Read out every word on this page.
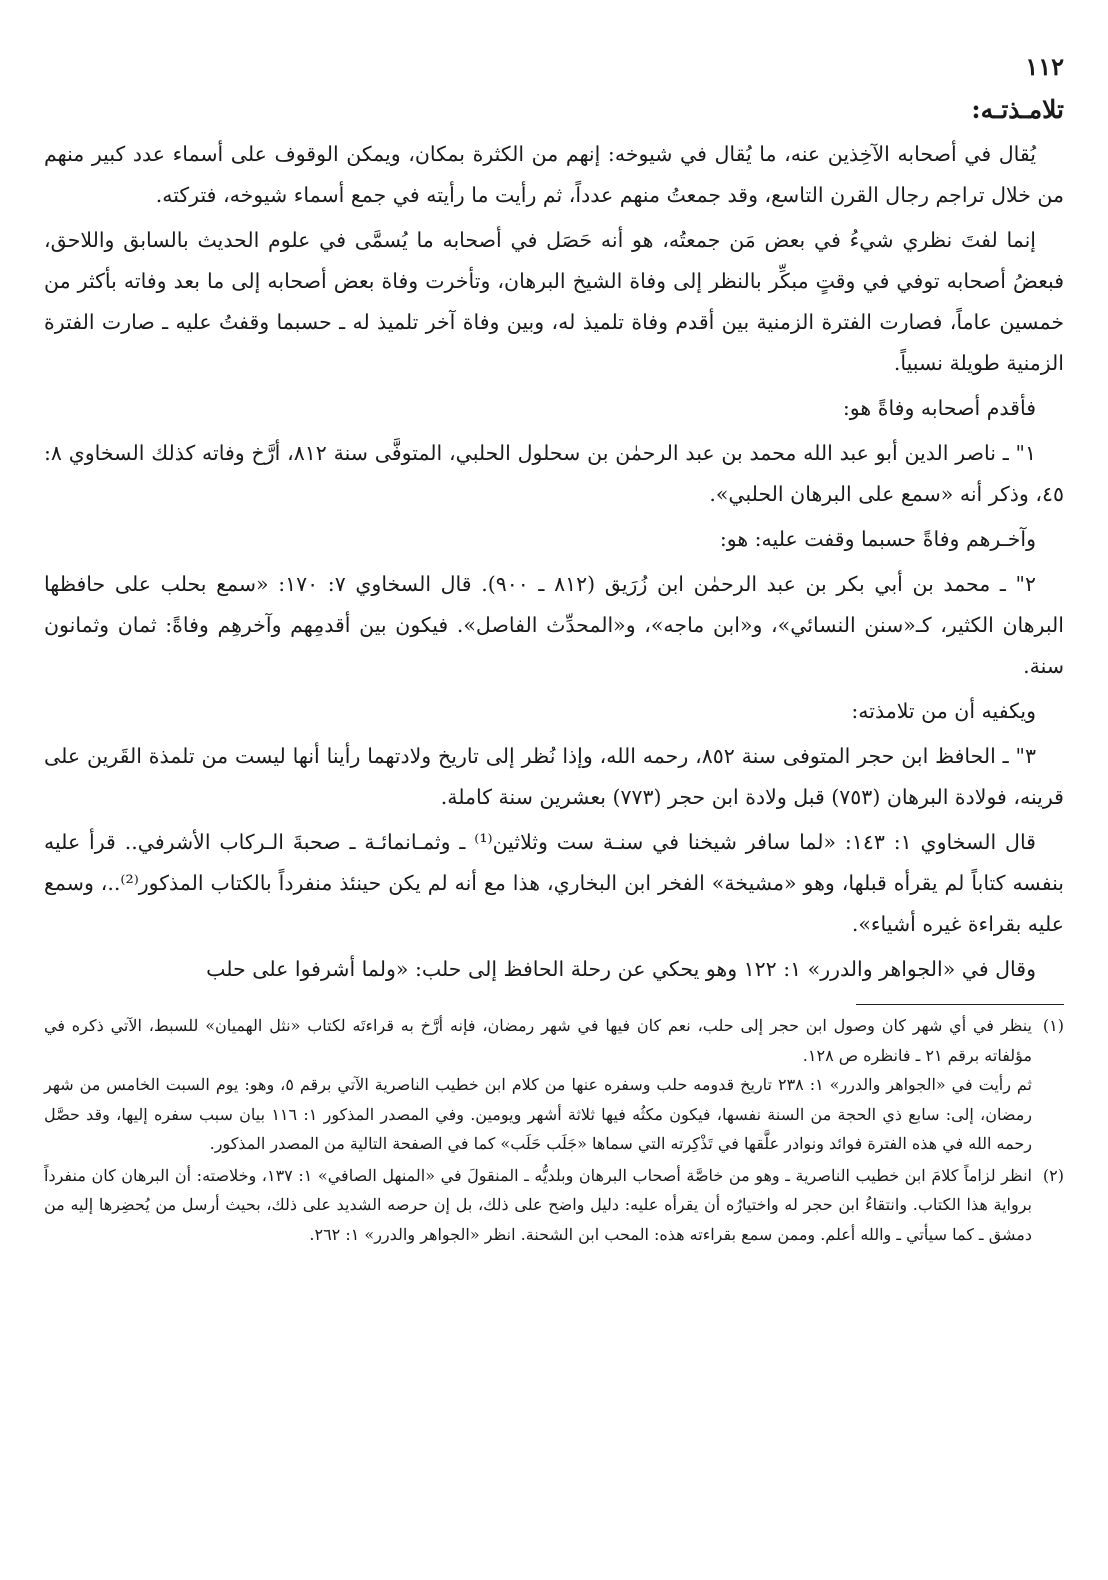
١١٢
تلامـذتـه:

يُقال في أصحابه الآخِذين عنه، ما يُقال في شيوخه: إنهم من الكثرة بمكان، ويمكن الوقوف على أسماء عدد كبير منهم من خلال تراجم رجال القرن التاسع، وقد جمعتُ منهم عدداً، ثم رأيت ما رأيته في جمع أسماء شيوخه، فتركته.

إنما لفتَ نظري شيءُ في بعض مَن جمعتُه، هو أنه حَصَل في أصحابه ما يُسمَّى في علوم الحديث بالسابق واللاحق، فبعضُ أصحابه توفي في وقتٍ مبكِّر بالنظر إلى وفاة الشيخ البرهان، وتأخرت وفاة بعض أصحابه إلى ما بعد وفاته بأكثر من خمسين عاماً، فصارت الفترة الزمنية بين أقدم وفاة تلميذ له، وبين وفاة آخر تلميذ له ـ حسبما وقفتُ عليه ـ صارت الفترة الزمنية طويلة نسبياً.

فأقدم أصحابه وفاةً هو:

١" ـ ناصر الدين أبو عبد الله محمد بن عبد الرحمٰن بن سحلول الحلبي، المتوفَّى سنة ٨١٢، أرَّخ وفاته كذلك السخاوي ٨: ٤٥، وذكر أنه «سمع على البرهان الحلبي».

وآخـرهم وفاةً حسبما وقفت عليه: هو:

٢" ـ محمد بن أبي بكر بن عبد الرحمٰن ابن زُرَيق (٨١٢ ـ ٩٠٠). قال السخاوي ٧: ١٧٠: «سمع بحلب على حافظها البرهان الكثير، كـ«سنن النسائي»، و«ابن ماجه»، و«المحدِّث الفاصل». فيكون بين أقدمِهم وآخرهِم وفاةً: ثمان وثمانون سنة.

ويكفيه أن من تلامذته:

٣" ـ الحافظ ابن حجر المتوفى سنة ٨٥٢، رحمه الله، وإذا نُظر إلى تاريخ ولادتهما رأينا أنها ليست من تلمذة القَرين على قرينه، فولادة البرهان (٧٥٣) قبل ولادة ابن حجر (٧٧٣) بعشرين سنة كاملة.

قال السخاوي ١: ١٤٣: «لما سافر شيخنا في سنـة ست وثلاثين⁽¹⁾ ـ وثمـانمائـة ـ صحبةَ الـركاب الأشرفي.. قرأ عليه بنفسه كتاباً لم يقرأه قبلها، وهو «مشيخة» الفخر ابن البخاري، هذا مع أنه لم يكن حينئذ منفرداً بالكتاب المذكور⁽²⁾..، وسمع عليه بقراءة غيره أشياء».

وقال في «الجواهر والدرر» ١: ١٢٢ وهو يحكي عن رحلة الحافظ إلى حلب: «ولما أشرفوا على حلب

(١)

ينظر في أي شهر كان وصول ابن حجر إلى حلب، نعم كان فيها في شهر رمضان، فإنه أرَّخ به قراءتَه لكتاب «نثل الهميان» للسبط، الآتي ذكره في مؤلفاته برقم ٢١ ـ فانظره ص ١٢٨.

ثم رأيت في «الجواهر والدرر» ١: ٢٣٨ تاريخ قدومه حلب وسفره عنها من كلام ابن خطيب الناصرية الآتي برقم ٥، وهو: يوم السبت الخامس من شهر رمضان، إلى: سابع ذي الحجة من السنة نفسها، فيكون مكثُه فيها ثلاثة أشهر ويومين. وفي المصدر المذكور ١: ١١٦ بيان سبب سفره إليها، وقد حصَّل رحمه الله في هذه الفترة فوائد ونوادر علَّقها في تَذْكِرته التي سماها «جَلَب حَلَب» كما في الصفحة التالية من المصدر المذكور.

(٢)

انظر لزاماً كلامَ ابن خطيب الناصرية ـ وهو من خاصَّة أصحاب البرهان وبلديُّه ـ المنقولَ في «المنهل الصافي» ١: ١٣٧، وخلاصته: أن البرهان كان منفرداً برواية هذا الكتاب. وانتقاءُ ابن حجر له واختيارُه أن يقرأه عليه: دليل واضح على ذلك، بل إن حرصه الشديد على ذلك، بحيث أرسل من يُحضِرها إليه من دمشق ـ كما سيأتي ـ والله أعلم. وممن سمع بقراءته هذه: المحب ابن الشحنة. انظر «الجواهر والدرر» ١: ٢٦٢.
